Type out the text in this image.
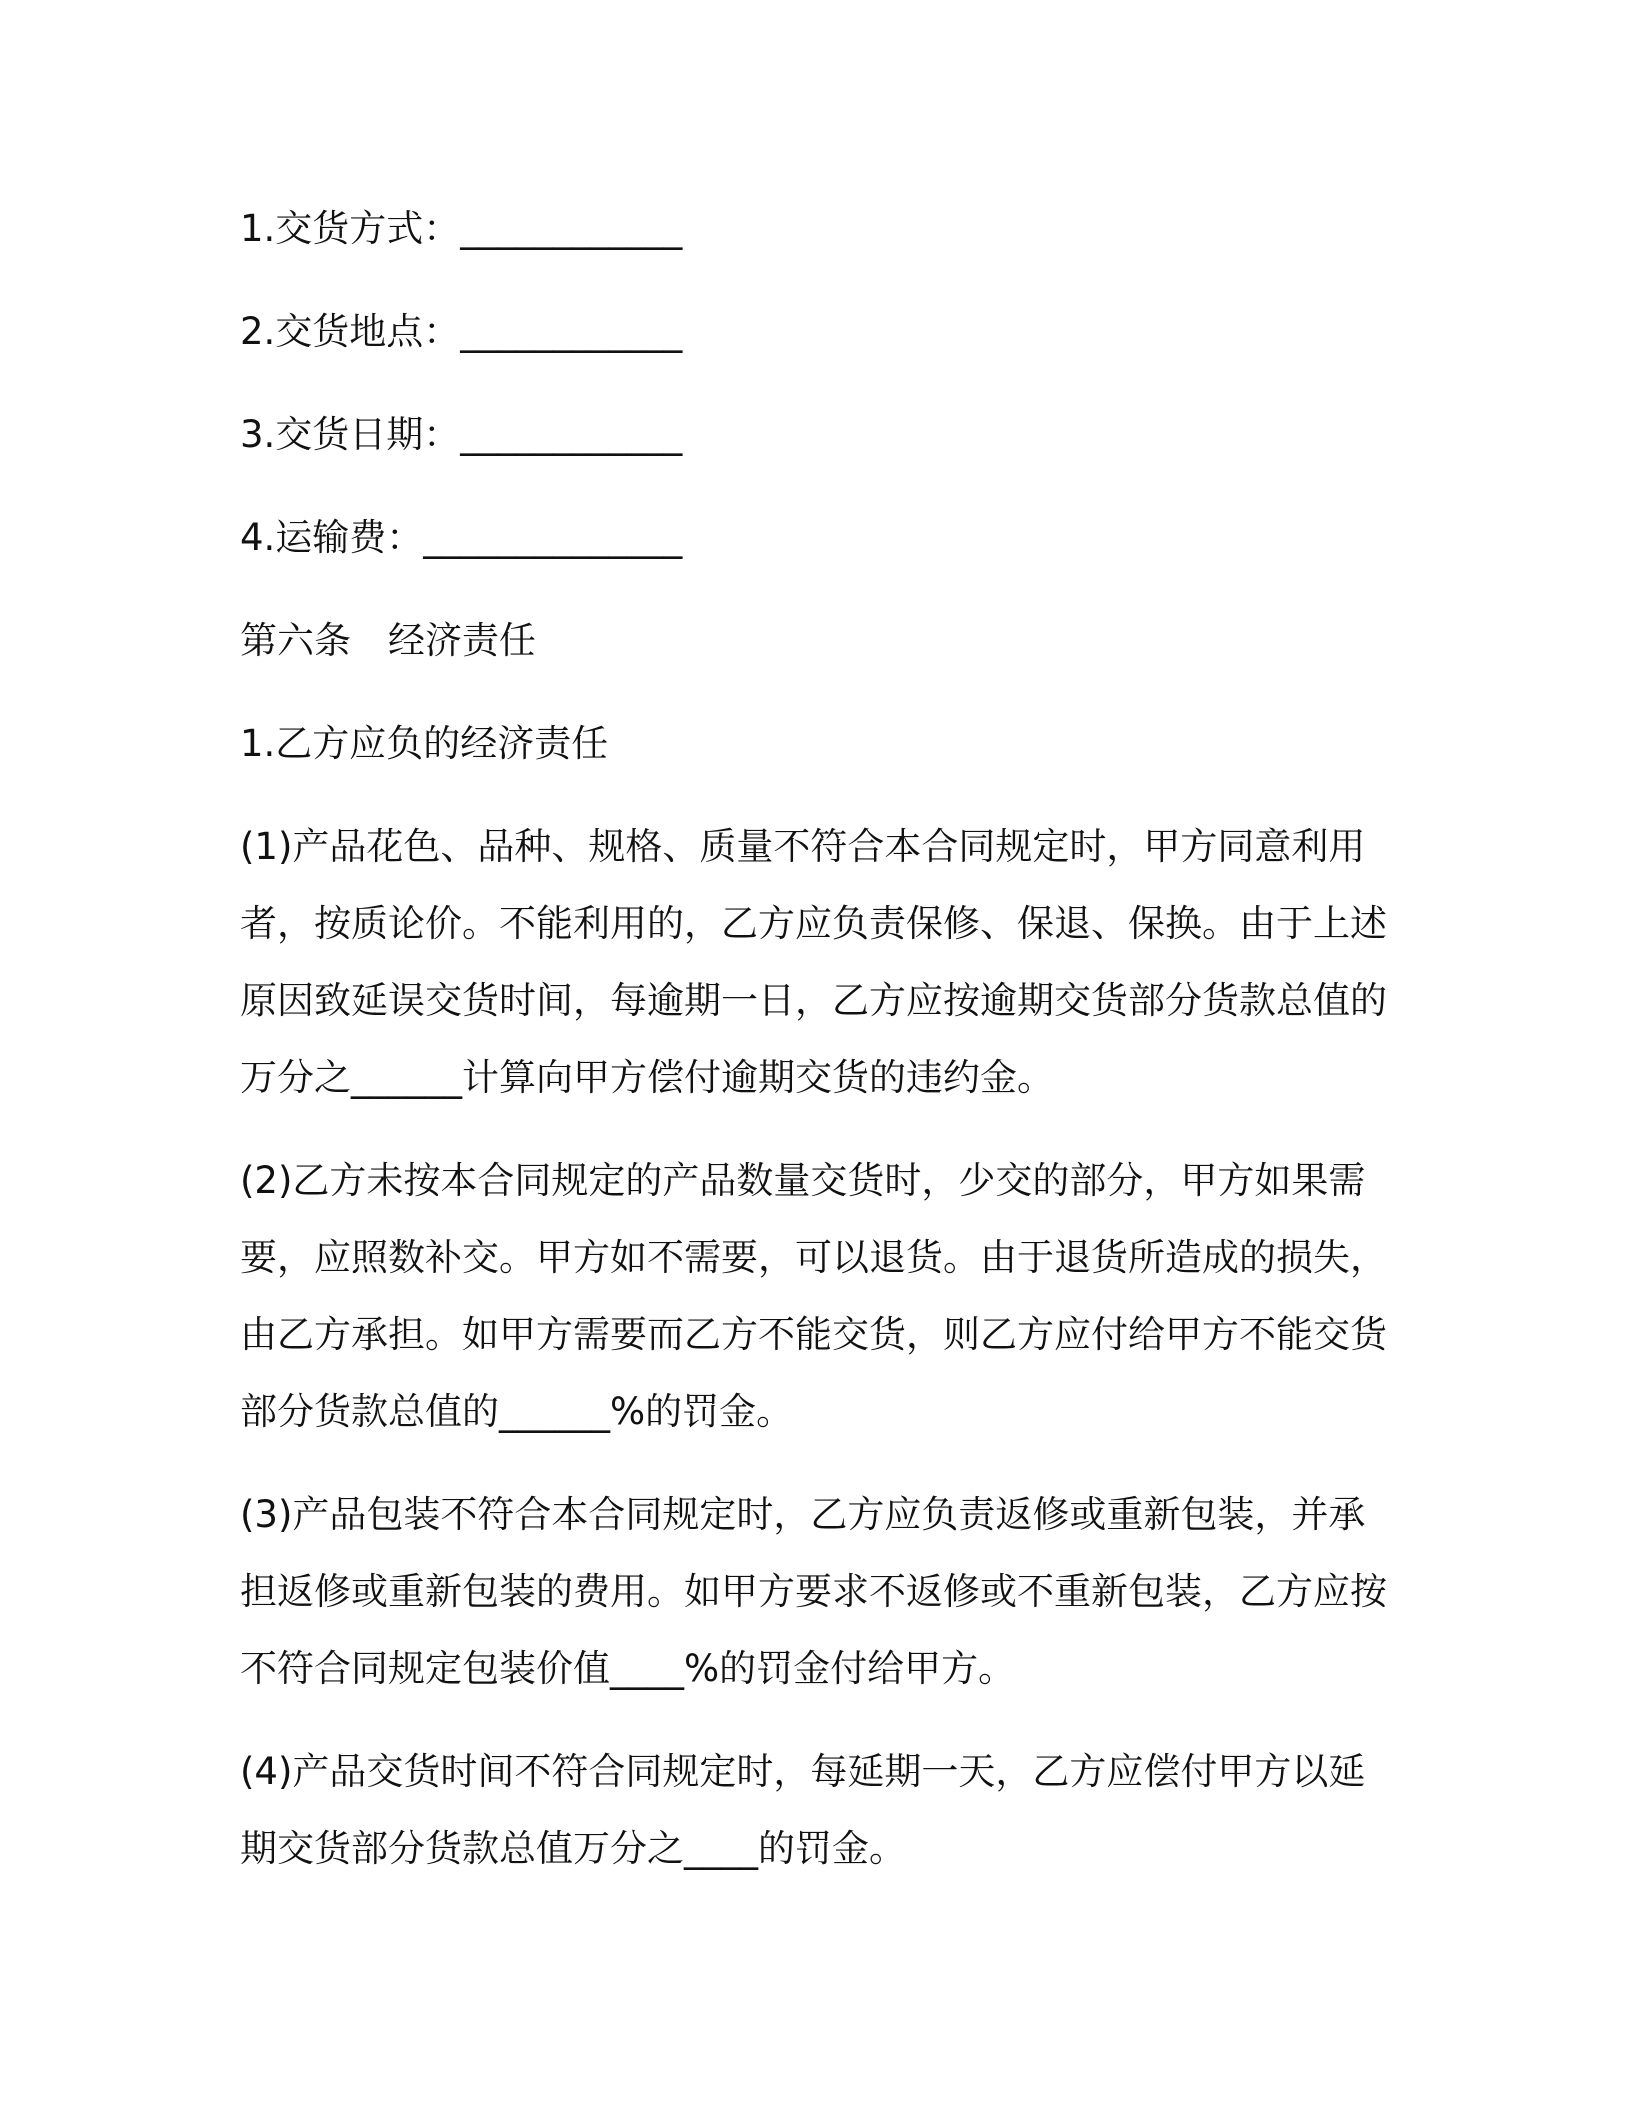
1.交货方式：____________

2.交货地点：____________

3.交货日期：____________

4.运输费：______________

第六条　经济责任

1.乙方应负的经济责任

(1)产品花色、品种、规格、质量不符合本合同规定时，甲方同意利用者，按质论价。不能利用的，乙方应负责保修、保退、保换。由于上述原因致延误交货时间，每逾期一日，乙方应按逾期交货部分货款总值的万分之______计算向甲方偿付逾期交货的违约金。

(2)乙方未按本合同规定的产品数量交货时，少交的部分，甲方如果需要，应照数补交。甲方如不需要，可以退货。由于退货所造成的损失，由乙方承担。如甲方需要而乙方不能交货，则乙方应付给甲方不能交货部分货款总值的______%的罚金。

(3)产品包装不符合本合同规定时，乙方应负责返修或重新包装，并承担返修或重新包装的费用。如甲方要求不返修或不重新包装，乙方应按不符合同规定包装价值____%的罚金付给甲方。

(4)产品交货时间不符合同规定时，每延期一天，乙方应偿付甲方以延期交货部分货款总值万分之____的罚金。
